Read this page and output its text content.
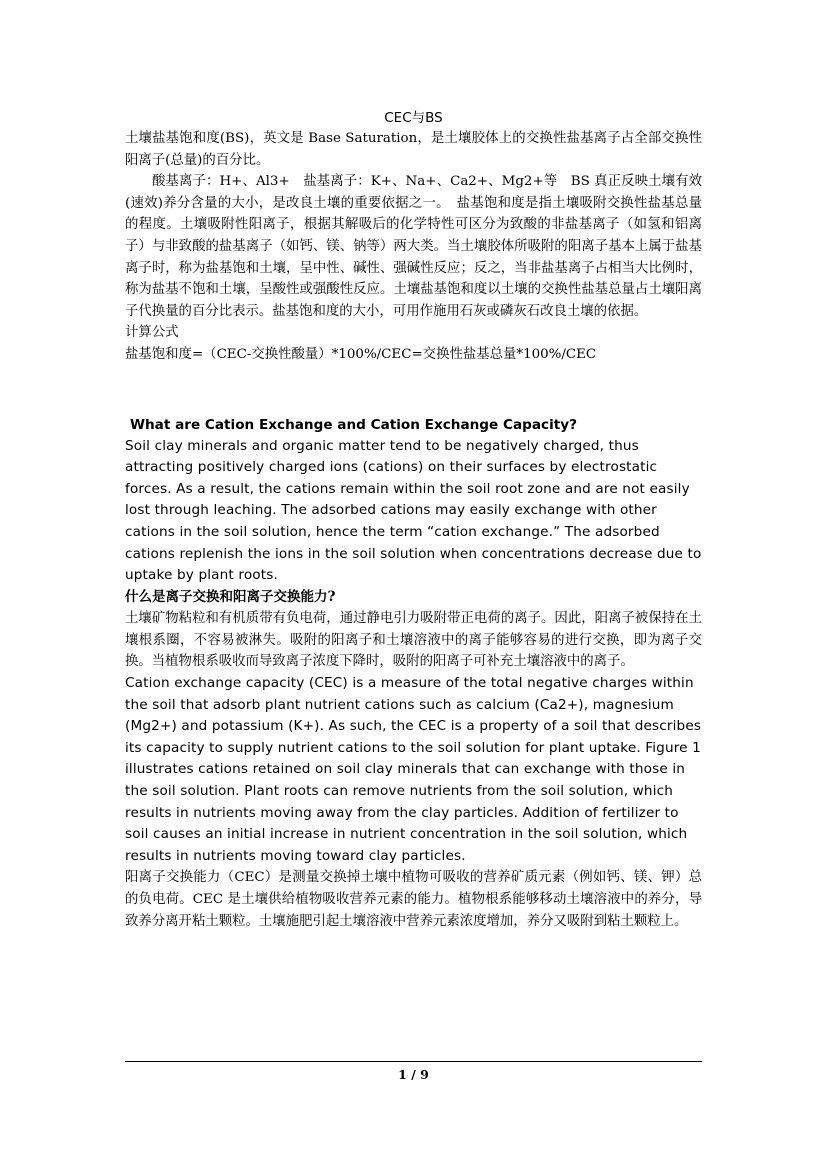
CEC与BS

土壤盐基饱和度(BS)，英文是 Base Saturation，是土壤胶体上的交换性盐基离子占全部交换性阳离子(总量)的百分比。

酸基离子：H+、Al3+　盐基离子：K+、Na+、Ca2+、Mg2+等　BS 真正反映土壤有效(速效)养分含量的大小，是改良土壤的重要依据之一。　盐基饱和度是指土壤吸附交换性盐基总量的程度。土壤吸附性阳离子，根据其解吸后的化学特性可区分为致酸的非盐基离子（如氢和铝离子）与非致酸的盐基离子（如钙、镁、钠等）两大类。当土壤胶体所吸附的阳离子基本上属于盐基离子时，称为盐基饱和土壤，呈中性、碱性、强碱性反应；反之，当非盐基离子占相当大比例时，称为盐基不饱和土壤，呈酸性或强酸性反应。土壤盐基饱和度以土壤的交换性盐基总量占土壤阳离子代换量的百分比表示。盐基饱和度的大小，可用作施用石灰或磷灰石改良土壤的依据。

计算公式

盐基饱和度=（CEC-交换性酸量）*100%/CEC=交换性盐基总量*100%/CEC

What are Cation Exchange and Cation Exchange Capacity?

Soil clay minerals and organic matter tend to be negatively charged, thus attracting positively charged ions (cations) on their surfaces by electrostatic forces. As a result, the cations remain within the soil root zone and are not easily lost through leaching. The adsorbed cations may easily exchange with other cations in the soil solution, hence the term “cation exchange.” The adsorbed cations replenish the ions in the soil solution when concentrations decrease due to uptake by plant roots.

什么是离子交换和阳离子交换能力?

土壤矿物粘粒和有机质带有负电荷，通过静电引力吸附带正电荷的离子。因此，阳离子被保持在土壤根系圈，不容易被淋失。吸附的阳离子和土壤溶液中的离子能够容易的进行交换，即为离子交换。当植物根系吸收而导致离子浓度下降时，吸附的阳离子可补充土壤溶液中的离子。

Cation exchange capacity (CEC) is a measure of the total negative charges within the soil that adsorb plant nutrient cations such as calcium (Ca2+), magnesium (Mg2+) and potassium (K+). As such, the CEC is a property of a soil that describes its capacity to supply nutrient cations to the soil solution for plant uptake. Figure 1 illustrates cations retained on soil clay minerals that can exchange with those in the soil solution. Plant roots can remove nutrients from the soil solution, which results in nutrients moving away from the clay particles. Addition of fertilizer to soil causes an initial increase in nutrient concentration in the soil solution, which results in nutrients moving toward clay particles.

阳离子交换能力（CEC）是测量交换掉土壤中植物可吸收的营养矿质元素（例如钙、镁、钾）总的负电荷。CEC 是土壤供给植物吸收营养元素的能力。植物根系能够移动土壤溶液中的养分，导致养分离开粘土颗粒。土壤施肥引起土壤溶液中营养元素浓度增加，养分又吸附到粘土颗粒上。

1 / 9
